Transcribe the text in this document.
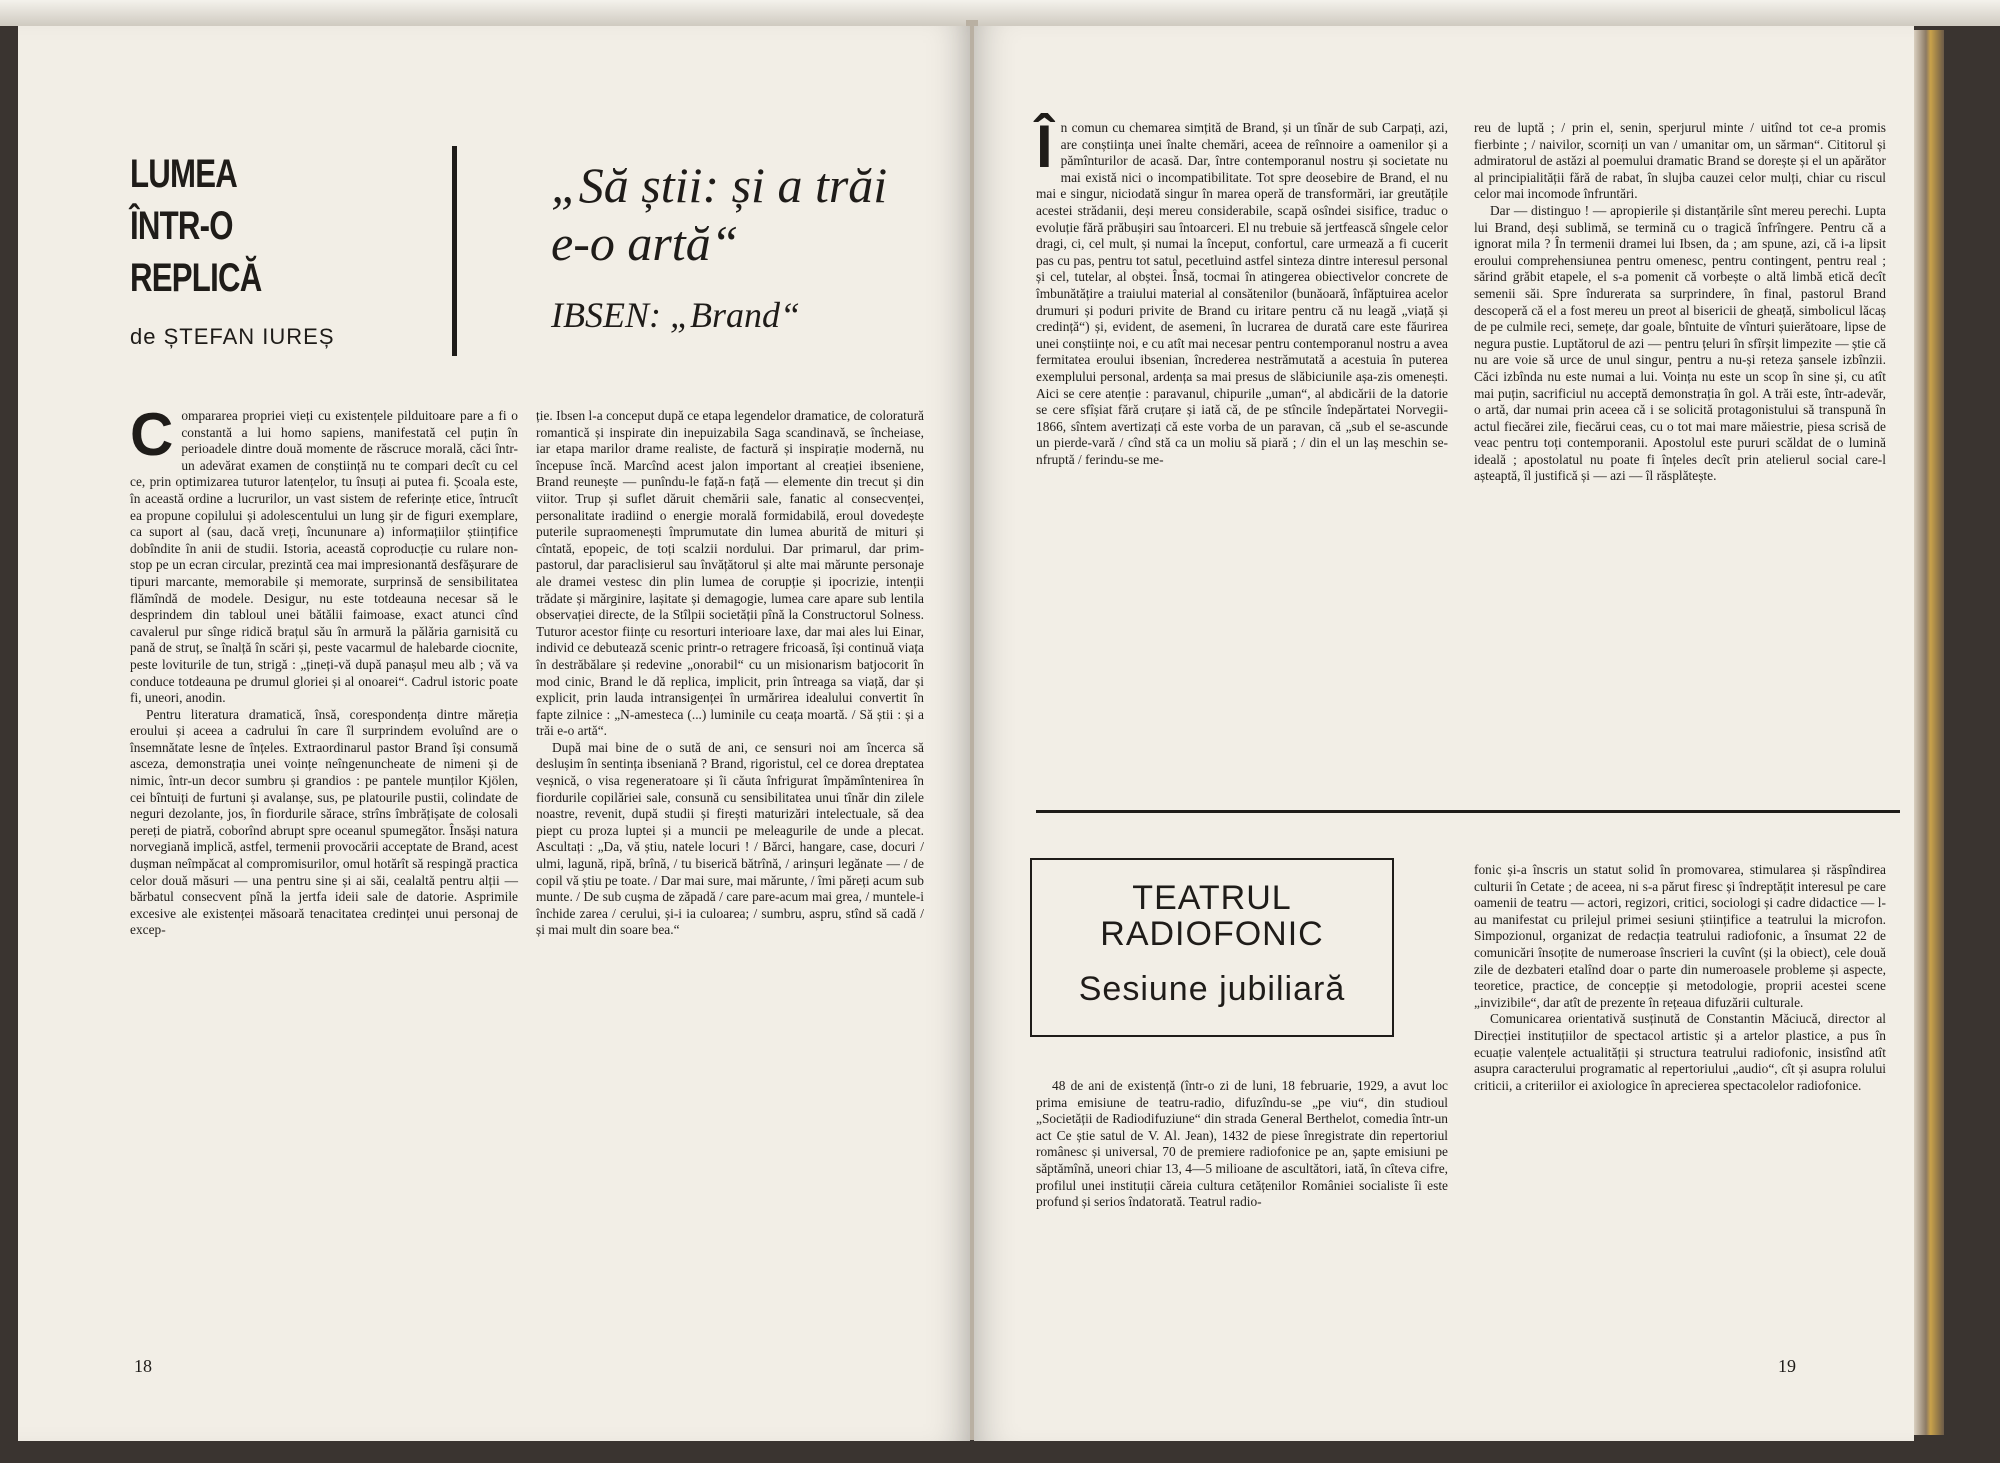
LUMEA
ÎNTR-O
REPLICĂ
de ȘTEFAN IUREȘ
„Să știi: și a trăi e-o artă“
IBSEN: „Brand“

Comparareа propriei vieți cu existențele pilduitoare pare a fi o constantă a lui homo sapiens, manifestată cel puțin în perioadele dintre două momente de răscruce morală, căci într-un adevărat examen de conștiință nu te compari decît cu cel ce, prin optimizarea tuturor latențelor, tu însuți ai putea fi. Școala este, în această ordine a lucrurilor, un vast sistem de referințe etice, întrucît ea propune copilului și adolescentului un lung șir de figuri exemplare, ca suport al (sau, dacă vreți, încununare a) informațiilor științifice dobîndite în anii de studii. Istoria, această coproducție cu rulare non-stop pe un ecran circular, prezintă cea mai impresionantă desfășurare de tipuri marcante, memorabile și memorate, surprinsă de sensibilitatea flămîndă de modele. Desigur, nu este totdeauna necesar să le desprindem din tabloul unei bătălii faimoase, exact atunci cînd cavalerul pur sînge ridică brațul său în armură la pălăria garnisită cu pană de struț, se înalță în scări și, peste vacarmul de halebarde ciocnite, peste loviturile de tun, strigă : „țineți-vă după panașul meu alb ; vă va conduce totdeauna pe drumul gloriei și al onoarei“. Cadrul istoric poate fi, uneori, anodin.

Pentru literatura dramatică, însă, corespondența dintre măreția eroului și aceea a cadrului în care îl surprindem evoluînd are o însemnătate lesne de înțeles. Extraordinarul pastor Brand își consumă asceza, demonstrația unei voințe neîngenuncheate de nimeni și de nimic, într-un decor sumbru și grandios : pe pantele munților Kjölen, cei bîntuiți de furtuni și avalanșe, sus, pe platourile pustii, colindate de neguri dezolante, jos, în fiordurile sărace, strîns îmbrățișate de colosali pereți de piatră, coborînd abrupt spre oceanul spumegător. Însăși natura norvegiană implică, astfel, termenii provocării acceptate de Brand, acest dușman neîmpăcat al compromisurilor, omul hotărît să respingă practica celor două măsuri — una pentru sine și ai săi, cealaltă pentru alții — bărbatul consecvent pînă la jertfa ideii sale de datorie. Asprimile excesive ale existenței măsoară tenacitatea credinței unui personaj de excep-

ție. Ibsen l-a conceput după ce etapa legendelor dramatice, de coloratură romantică și inspirate din inepuizabila Saga scandinavă, se încheiase, iar etapa marilor drame realiste, de factură și inspirație modernă, nu începuse încă. Marcînd acest jalon important al creației ibseniene, Brand reunește — punîndu-le față-n față — elemente din trecut și din viitor. Trup și suflet dăruit chemării sale, fanatic al consecvenței, personalitate iradiind o energie morală formidabilă, eroul dovedește puterile supraomenești împrumutate din lumea aburită de mituri și cîntată, epopeic, de toți scalzii nordului. Dar primarul, dar prim-pastorul, dar paraclisierul sau învățătorul și alte mai mărunte personaje ale dramei vestesc din plin lumea de corupție și ipocrizie, intenții trădate și mărginire, lașitate și demagogie, lumea care apare sub lentila observației directe, de la Stîlpii societății pînă la Constructorul Solness. Tuturor acestor ființe cu resorturi interioare laxe, dar mai ales lui Einar, individ ce debutează scenic printr-o retragere fricoasă, își continuă viața în destrăbălare și redevine „onorabil“ cu un misionarism batjocorit în mod cinic, Brand le dă replica, implicit, prin întreaga sa viață, dar și explicit, prin lauda intransigenței în urmărirea idealului convertit în fapte zilnice : „N-amestеca (...) luminile cu ceața moartă. / Să știi : și a trăi e-o artă“.

După mai bine de o sută de ani, ce sensuri noi am încerca să deslușim în sentința ibseniană ? Brand, rigoristul, cel ce dorea dreptatea veșnică, o visa regeneratoare și îi căuta înfrigurat împămîntenirea în fiordurile copilăriei sale, consună cu sensibilitatea unui tînăr din zilele noastre, revenit, după studii și firești maturizări intelectuale, să dea piept cu proza luptei și a muncii pe meleagurile de unde a plecat. Ascultați : „Da, vă știu, natele locuri ! / Bărci, hangare, case, docuri / ulmi, lagună, ripă, brînă, / tu biserică bătrînă, / arinșuri legănate — / de copil vă știu pe toate. / Dar mai sure, mai mărunte, / îmi păreți acum sub munte. / De sub cușma de zăpadă / care pare-acum mai grea, / muntele-i închide zarea / cerului, și-i ia culoarea; / sumbru, aspru, stînd să cadă / și mai mult din soare bea.“

18

În comun cu chemarea simțită de Brand, și un tînăr de sub Carpați, azi, are conștiința unei înalte chemări, aceea de reînnoire a oamenilor și a pămînturilor de acasă. Dar, între contemporanul nostru și societate nu mai există nici o incompatibilitate. Tot spre deosebire de Brand, el nu mai e singur, niciodată singur în marea operă de transformări, iar greutățile acestei strădanii, deși mereu considerabile, scapă osîndei sisifice, traduc o evoluție fără prăbușiri sau întoarceri. El nu trebuie să jertfească sîngele celor dragi, ci, cel mult, și numai la început, confortul, care urmează a fi cucerit pas cu pas, pentru tot satul, pecetluind astfel sinteza dintre interesul personal și cel, tutelar, al obștei. Însă, tocmai în atingerea obiectivelor concrete de îmbunătățire a traiului material al consătenilor (bunăoară, înfăptuirea acelor drumuri și poduri privite de Brand cu iritare pentru că nu leagă „viață și credință“) și, evident, de asemeni, în lucrarea de durată care este făurirea unei conștiințe noi, e cu atît mai necesar pentru contemporanul nostru a avea fermitatea eroului ibsenian, încrederea nestrămutată a acestuia în puterea exemplului personal, ardența sa mai presus de slăbiciunile așa-zis omenești. Aici se cere atenție : paravanul, chipurile „uman“, al abdicării de la datorie se cere sfîșiat fără cruțare și iată că, de pe stîncile îndepărtatei Norvegii-1866, sîntem avertizați că este vorba de un paravan, că „sub el se-ascunde un pierde-vară / cînd stă ca un moliu să piară ; / din el un laș meschin se-nfruptă / ferindu-se me-

reu de luptă ; / prin el, senin, sperjurul minte / uitînd tot ce-a promis fierbinte ; / naivilor, scorniți un van / umanitar om, un sărman“. Cititorul și admiratorul de astăzi al poemului dramatic Brand se dorește și el un apărător al principialității fără de rabat, în slujba cauzei celor mulți, chiar cu riscul celor mai incomode înfruntări.

Dar — distinguo ! — apropierile și distanțările sînt mereu perechi. Lupta lui Brand, deși sublimă, se termină cu o tragică înfrîngere. Pentru că a ignorat mila ? În termenii dramei lui Ibsen, da ; am spune, azi, că i-a lipsit eroului comprehensiunea pentru omenesc, pentru contingent, pentru real ; sărind grăbit etapele, el s-a pomenit că vorbește o altă limbă etică decît semenii săi. Spre îndurerata sa surprindere, în final, pastorul Brand descoperă că el a fost mereu un preot al bisericii de gheață, simbolicul lăcaș de pe culmile reci, semețe, dar goale, bîntuite de vînturi șuierătoare, lipse de negura pustie. Luptătorul de azi — pentru țeluri în sfîrșit limpezite — știe că nu are voie să urce de unul singur, pentru a nu-și reteza șansele izbînzii. Căci izbînda nu este numai a lui. Voința nu este un scop în sine și, cu atît mai puțin, sacrificiul nu acceptă demonstrația în gol. A trăi este, într-adevăr, o artă, dar numai prin aceea că i se solicită protagonistului să transpună în actul fiecărei zile, fiecărui ceas, cu o tot mai mare măiestrie, piesa scrisă de veac pentru toți contemporanii. Apostolul este pururi scăldat de o lumină ideală ; apostolatul nu poate fi înțeles decît prin atelierul social care-l așteaptă, îl justifică și — azi — îl răsplătește.

TEATRUL RADIOFONIC
Sesiune jubiliară

48 de ani de existență (într-o zi de luni, 18 februarie, 1929, a avut loc prima emisiune de teatru-radio, difuzîndu-se „pe viu“, din studioul „Societății de Radiodifuziune“ din strada General Berthelot, comedia într-un act Ce știe satul de V. Al. Jean), 1432 de piese înregistrate din repertoriul românesc și universal, 70 de premiere radiofonice pe an, șapte emisiuni pe săptămînă, uneori chiar 13, 4—5 milioane de ascultători, iată, în cîteva cifre, profilul unei instituții căreia cultura cetățenilor României socialiste îi este profund și serios îndatorată. Teatrul radio-

fonic și-a înscris un statut solid în promovarea, stimularea și răspîndirea culturii în Cetate ; de aceea, ni s-a părut firesc și îndreptățit interesul pe care oamenii de teatru — actori, regizori, critici, sociologi și cadre didactice — l-au manifestat cu prilejul primei sesiuni științifice a teatrului la microfon. Simpozionul, organizat de redacția teatrului radiofonic, a însumat 22 de comunicări însoțite de numeroase înscrieri la cuvînt (și la obiect), cele două zile de dezbateri etalînd doar o parte din numeroasele probleme și aspecte, teoretice, practice, de concepție și metodologie, proprii acestei scene „invizibile“, dar atît de prezente în rețeaua difuzării culturale.

Comunicarea orientativă susținută de Constantin Măciucă, director al Direcției instituțiilor de spectacol artistic și a artelor plastice, a pus în ecuație valențele actualității și structura teatrului radiofonic, insistînd atît asupra caracterului programatic al repertoriului „audio“, cît și asupra rolului criticii, a criteriilor ei axiologice în aprecierea spectacolelor radiofonice.

19
